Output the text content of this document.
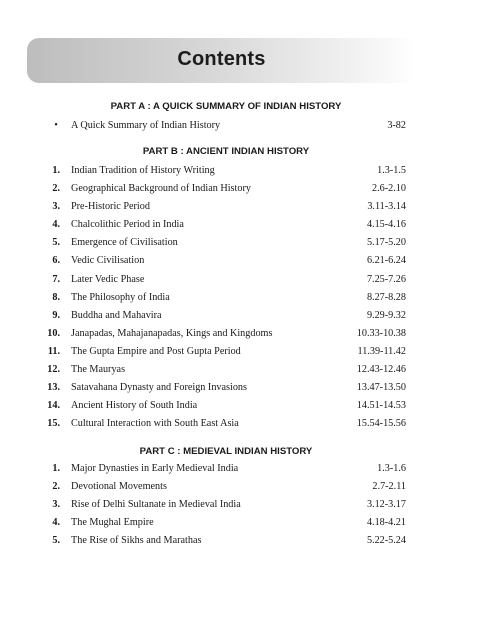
Contents
PART A : A QUICK SUMMARY OF INDIAN HISTORY
• A Quick Summary of Indian History	3-82
PART B : ANCIENT INDIAN HISTORY
1. Indian Tradition of History Writing	1.3-1.5
2. Geographical Background of Indian History	2.6-2.10
3. Pre-Historic Period	3.11-3.14
4. Chalcolithic Period in India	4.15-4.16
5. Emergence of Civilisation	5.17-5.20
6. Vedic Civilisation	6.21-6.24
7. Later Vedic Phase	7.25-7.26
8. The Philosophy of India	8.27-8.28
9. Buddha and Mahavira	9.29-9.32
10. Janapadas, Mahajanapadas, Kings and Kingdoms	10.33-10.38
11. The Gupta Empire and Post Gupta Period	11.39-11.42
12. The Mauryas	12.43-12.46
13. Satavahana Dynasty and Foreign Invasions	13.47-13.50
14. Ancient History of South India	14.51-14.53
15. Cultural Interaction with South East Asia	15.54-15.56
PART C : MEDIEVAL INDIAN HISTORY
1. Major Dynasties in Early Medieval India	1.3-1.6
2. Devotional Movements	2.7-2.11
3. Rise of Delhi Sultanate in Medieval India	3.12-3.17
4. The Mughal Empire	4.18-4.21
5. The Rise of Sikhs and Marathas	5.22-5.24
